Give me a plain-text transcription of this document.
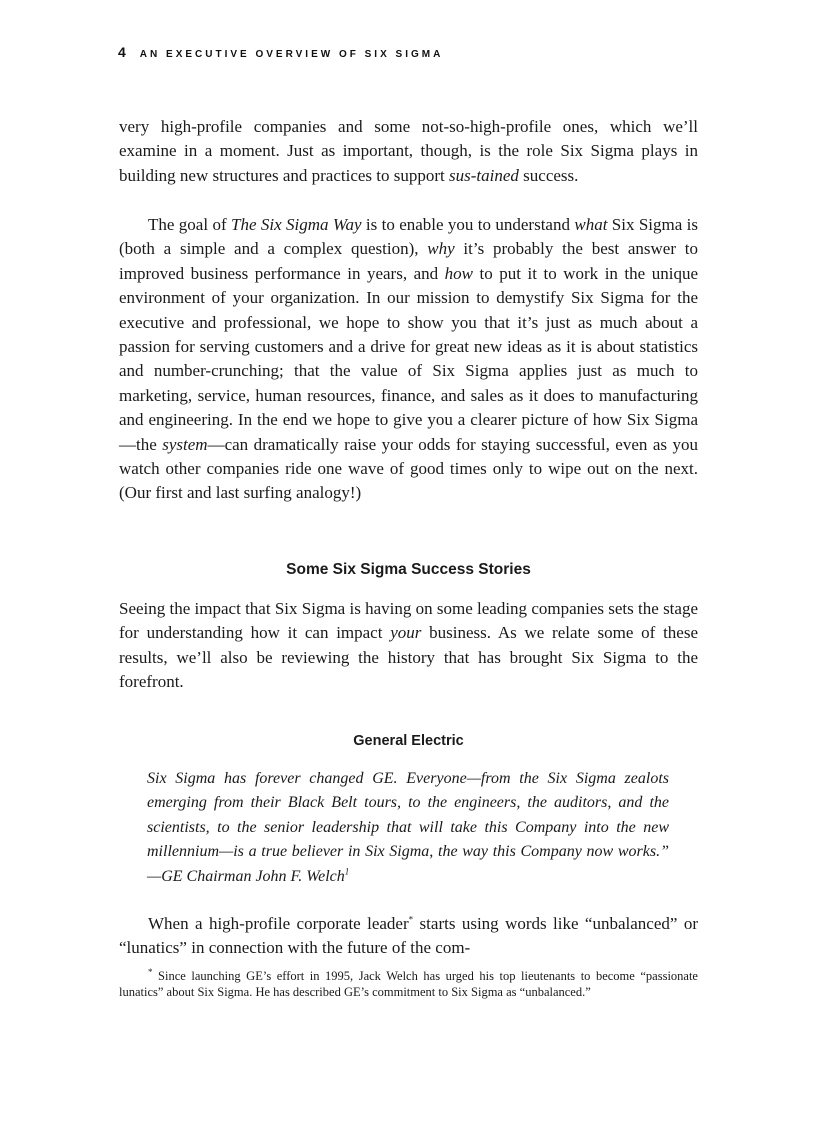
4 AN EXECUTIVE OVERVIEW OF SIX SIGMA

very high-profile companies and some not-so-high-profile ones, which we’ll examine in a moment. Just as important, though, is the role Six Sigma plays in building new structures and practices to support sus-tained success.

The goal of The Six Sigma Way is to enable you to understand what Six Sigma is (both a simple and a complex question), why it’s probably the best answer to improved business performance in years, and how to put it to work in the unique environment of your organization. In our mission to demystify Six Sigma for the executive and professional, we hope to show you that it’s just as much about a passion for serving customers and a drive for great new ideas as it is about statistics and number-crunching; that the value of Six Sigma applies just as much to marketing, service, human resources, finance, and sales as it does to manufacturing and engineering. In the end we hope to give you a clearer picture of how Six Sigma—the system—can dramatically raise your odds for staying successful, even as you watch other companies ride one wave of good times only to wipe out on the next. (Our first and last surfing analogy!)

Some Six Sigma Success Stories

Seeing the impact that Six Sigma is having on some leading companies sets the stage for understanding how it can impact your business. As we relate some of these results, we’ll also be reviewing the history that has brought Six Sigma to the forefront.

General Electric
Six Sigma has forever changed GE. Everyone—from the Six Sigma zealots emerging from their Black Belt tours, to the engineers, the auditors, and the scientists, to the senior leadership that will take this Company into the new millennium—is a true believer in Six Sigma, the way this Company now works.” —GE Chairman John F. Welch$^1$

When a high-profile corporate leader* starts using words like “unbalanced” or “lunatics” in connection with the future of the com-

* Since launching GE’s effort in 1995, Jack Welch has urged his top lieutenants to become “passionate lunatics” about Six Sigma. He has described GE’s commitment to Six Sigma as “unbalanced.”
